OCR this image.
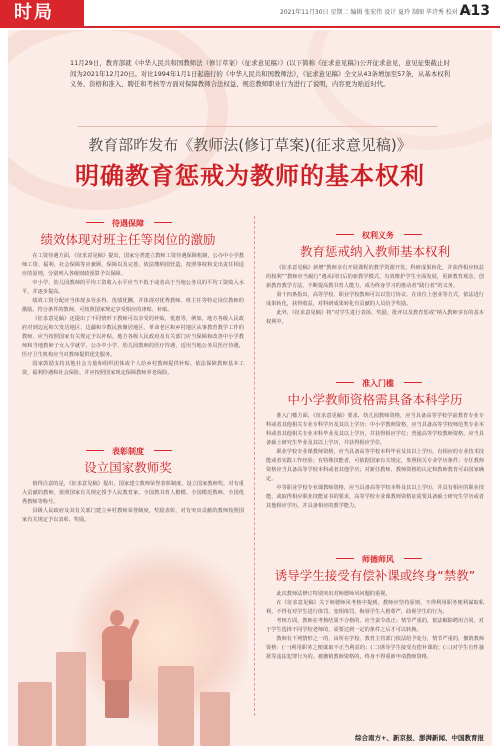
时局	2021年11月30日 星期二 编辑 张宏伟 设计 夏玲 制图 毕诗秀 校对 刘艳
A13
11月29日，教育部就《中华人民共和国教师法（修订草案）（征求意见稿）》(以下简称《征求意见稿》)公开征求意见，意见征集截止时间为2021年12月20日。对比1994年1月1日起施行的《中华人民共和国教师法》，《征求意见稿》全文从43条增加至57条，从基本权利义务、资格和准入、聘任和考核等方面对保障教师合法权益、规范教师职业行为进行了说明，内容更为贴近时代。
教育部昨发布《教师法(修订草案)(征求意见稿)》
明确教育惩戒为教师的基本权利
待遇保障
绩效体现对班主任等岗位的激励

在工资待遇方面，《征求意见稿》提出，国家分类建立教师工资待遇保障机制，公办中小学教师工资、福利、社会保障等应兼顾，保障以及完善，依法缴纳国营造，按照事权和支出责任相适应的原则，分别列入各级财政预算予以保障。

中小学、幼儿园教师的平均工资收入水平应当不低于或者高于当地公务员的平均工资收入水平，并逐步提高。

绩效工资分配应当体现多劳多得、优绩优酬，并体现对优秀教师、班主任等特定岗位教师的激励。符合条件的教师，可按照国家规定享受相应的津贴、补贴。

《征求意见稿》还提出了不同情形下教师可以享受的补贴，优惠等，例如，地方各级人民政府对到边远和欠发达地区、边疆和少数民族聚居地区、革命老区和乡村地区从事教育教学工作的教师，应当按照国家有关规定予以补贴。地方各级人民政府及有关部门应当保障和改善中小学教师和当地教师子女入学就学。公办中小学、幼儿园教师的医疗待遇，适用当地公务员医疗待遇，医疗卫生机构应当对教师提供优先服务。

国家鼓励支持其他社会力量和组织团体或个人给乡村教师提供补贴。依法保障教师基本工资，福利待遇和社会保险，并应按照国家规定保障教师养老保险。

表彰制度
设立国家教师奖

值得注意的是，《征求意见稿》提出，国家建立教师荣誉表彰制度，设立国家教师奖，对有重大贡献的教师，依照国家有关规定授予人民教育家、全国教书育人楷模、全国模范教师、全国优秀教师等称号。

县级人民政府及其有关部门建立乡村教师荣誉制度，奖励表彰，对有突出贡献的教师按照国家有关规定予以表彰、奖励。

权利义务
教育惩戒纳入教师基本权利

《征求意见稿》新增“教师享有开展课程的教学资源开发，科研成果转化，并获得相应权益的权利”“教师应当履行”遵从回归后的新教学模式，有效维护学生全面发展，更新教育观念，创新教育教学方法，不断提高教书育人能力，成为终身学习的推动者“践行者”的义务。

第十四条指出，高等学校、职业学校教师可以以签订协议、在岗位上创业等方式，依法进行成果转化，获得收益，对科研成果转化有贡献的人员给予奖励。

此外，《征求意见稿》将“对学生进行表扬、奖励，批评以及教育惩戒”纳入教师享有的基本权利中。

准入门槛
中小学教师资格需具备本科学历

准入门槛方面，《征求意见稿》要求，幼儿园教师资格，应当具备高等学校学前教育专业专科或者其他相关专业专科学历及其以上学历；中小学教师资格，应当具备高等学校师范类专业本科或者其他相关专业本科毕业及其以上学历，并获得相应学位；普通高等学校教师资格，应当具备硕士研究生毕业及其以上学历，并获得相应学位。

职业学校专业课教师资格，应当具备高等学校本科毕业及其以上学历，有相应的专业技术技能或者实践工作经验；有特殊技能者，可依据国家有关规定，参照相关专业学历条件；专任教师资格应当具备高等学校本科或者其他学历；对新任教师，教师资格的认定和教师教育可由国家确定。

中等职业学校专业课教师资格，应当具备高等学校本科及其以上学历，并具有相应的职业技能，或取得相应职业技能证书的要求，高等学校专业课教师资格证需要具备硕士研究生学历或者其他相应学历，并具备相应的教学能力。

师德师风
诱导学生接受有偿补课或终身“禁教”

此次教师法修订特别突出对师德师风问题的重视。

在《征求意见稿》关于师德师风考核中提到，教师应坚持原则，不得利用职务便利谋取私利，不得有对学生进行体罚、变相体罚，侮辱学生人格尊严，歧视学生的行为。

考核方面，教师在考核结果不合格的，应当责令改正；情节严重的，依法解除聘用合同。对于学生选择不同学校老师的，需要达到一定的条件之后才可以转换。

教师有下列情形之一的，由所在学校、教育主管部门依法给予处分，情节严重的，撤销教师资格：(一)利用职务之便谋取不正当利益的；(二)诱导学生接受有偿补课的；(三)对学生有性骚扰等违法犯罪行为的。被撤销教师资格的，终身不得重新申请教师资格。

综合南方+、新京报、澎湃新闻、中国教育报
